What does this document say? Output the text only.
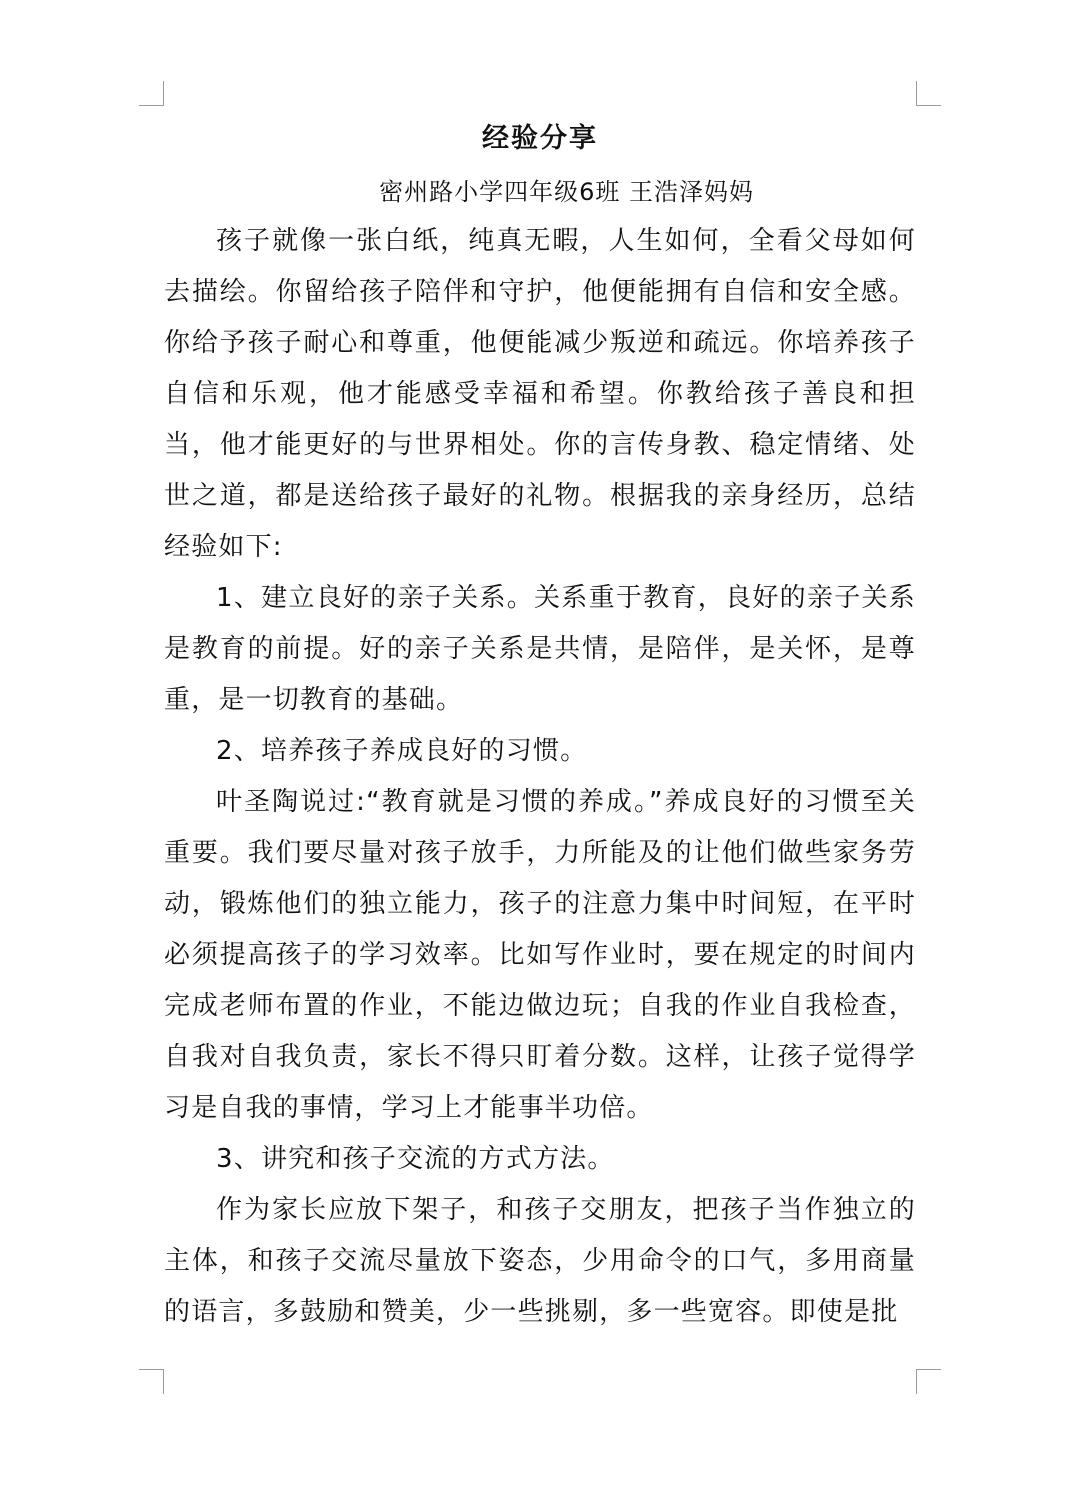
经验分享
密州路小学四年级6班 王浩泽妈妈

孩子就像一张白纸，纯真无暇，人生如何，全看父母如何去描绘。你留给孩子陪伴和守护，他便能拥有自信和安全感。你给予孩子耐心和尊重，他便能减少叛逆和疏远。你培养孩子自信和乐观，他才能感受幸福和希望。你教给孩子善良和担当，他才能更好的与世界相处。你的言传身教、稳定情绪、处世之道，都是送给孩子最好的礼物。根据我的亲身经历，总结经验如下:

1、建立良好的亲子关系。关系重于教育，良好的亲子关系是教育的前提。好的亲子关系是共情，是陪伴，是关怀，是尊重，是一切教育的基础。

2、培养孩子养成良好的习惯。

叶圣陶说过:“教育就是习惯的养成。”养成良好的习惯至关重要。我们要尽量对孩子放手，力所能及的让他们做些家务劳动，锻炼他们的独立能力，孩子的注意力集中时间短，在平时必须提高孩子的学习效率。比如写作业时，要在规定的时间内完成老师布置的作业，不能边做边玩；自我的作业自我检查，自我对自我负责，家长不得只盯着分数。这样，让孩子觉得学习是自我的事情，学习上才能事半功倍。

3、讲究和孩子交流的方式方法。

作为家长应放下架子，和孩子交朋友，把孩子当作独立的主体，和孩子交流尽量放下姿态，少用命令的口气，多用商量的语言，多鼓励和赞美，少一些挑剔，多一些宽容。即使是批
